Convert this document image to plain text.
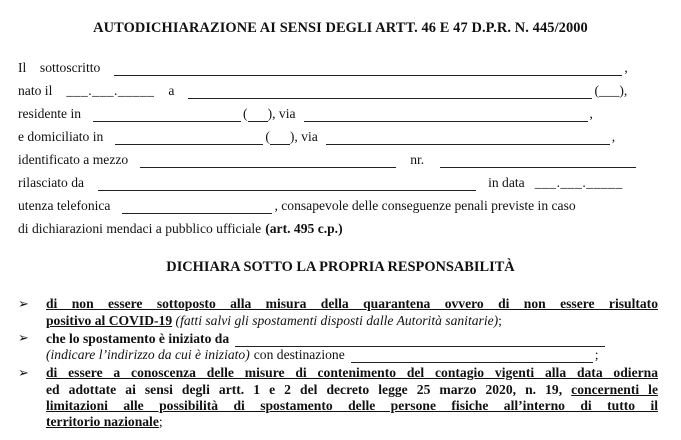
AUTODICHIARAZIONE AI SENSI DEGLI ARTT. 46 E 47 D.P.R. N. 445/2000
Il    sottoscritto	,
nato il ___.___._____ a	(___),
residente in	( ), via	,
e domiciliato in	( ), via	,
identificato a mezzo	nr.
rilasciato da	in data ___.___._____
utenza telefonica	, consapevole delle conseguenze penali previste in caso
di dichiarazioni mendaci a pubblico ufficiale (art. 495 c.p.)
DICHIARA SOTTO LA PROPRIA RESPONSABILITÀ
➢ di non essere sottoposto alla misura della quarantena ovvero di non essere risultato
positivo al COVID-19 (fatti salvi gli spostamenti disposti dalle Autorità sanitarie);
➢	che lo spostamento è iniziato da
(indicare l’indirizzo da cui è iniziato) con destinazione	;
➢ di essere a conoscenza delle misure di contenimento del contagio vigenti alla data odierna
ed adottate ai sensi degli artt. 1 e 2 del decreto legge 25 marzo 2020, n. 19, concernenti le
limitazioni alle possibilità di spostamento delle persone fisiche all’interno di tutto il
territorio nazionale;
